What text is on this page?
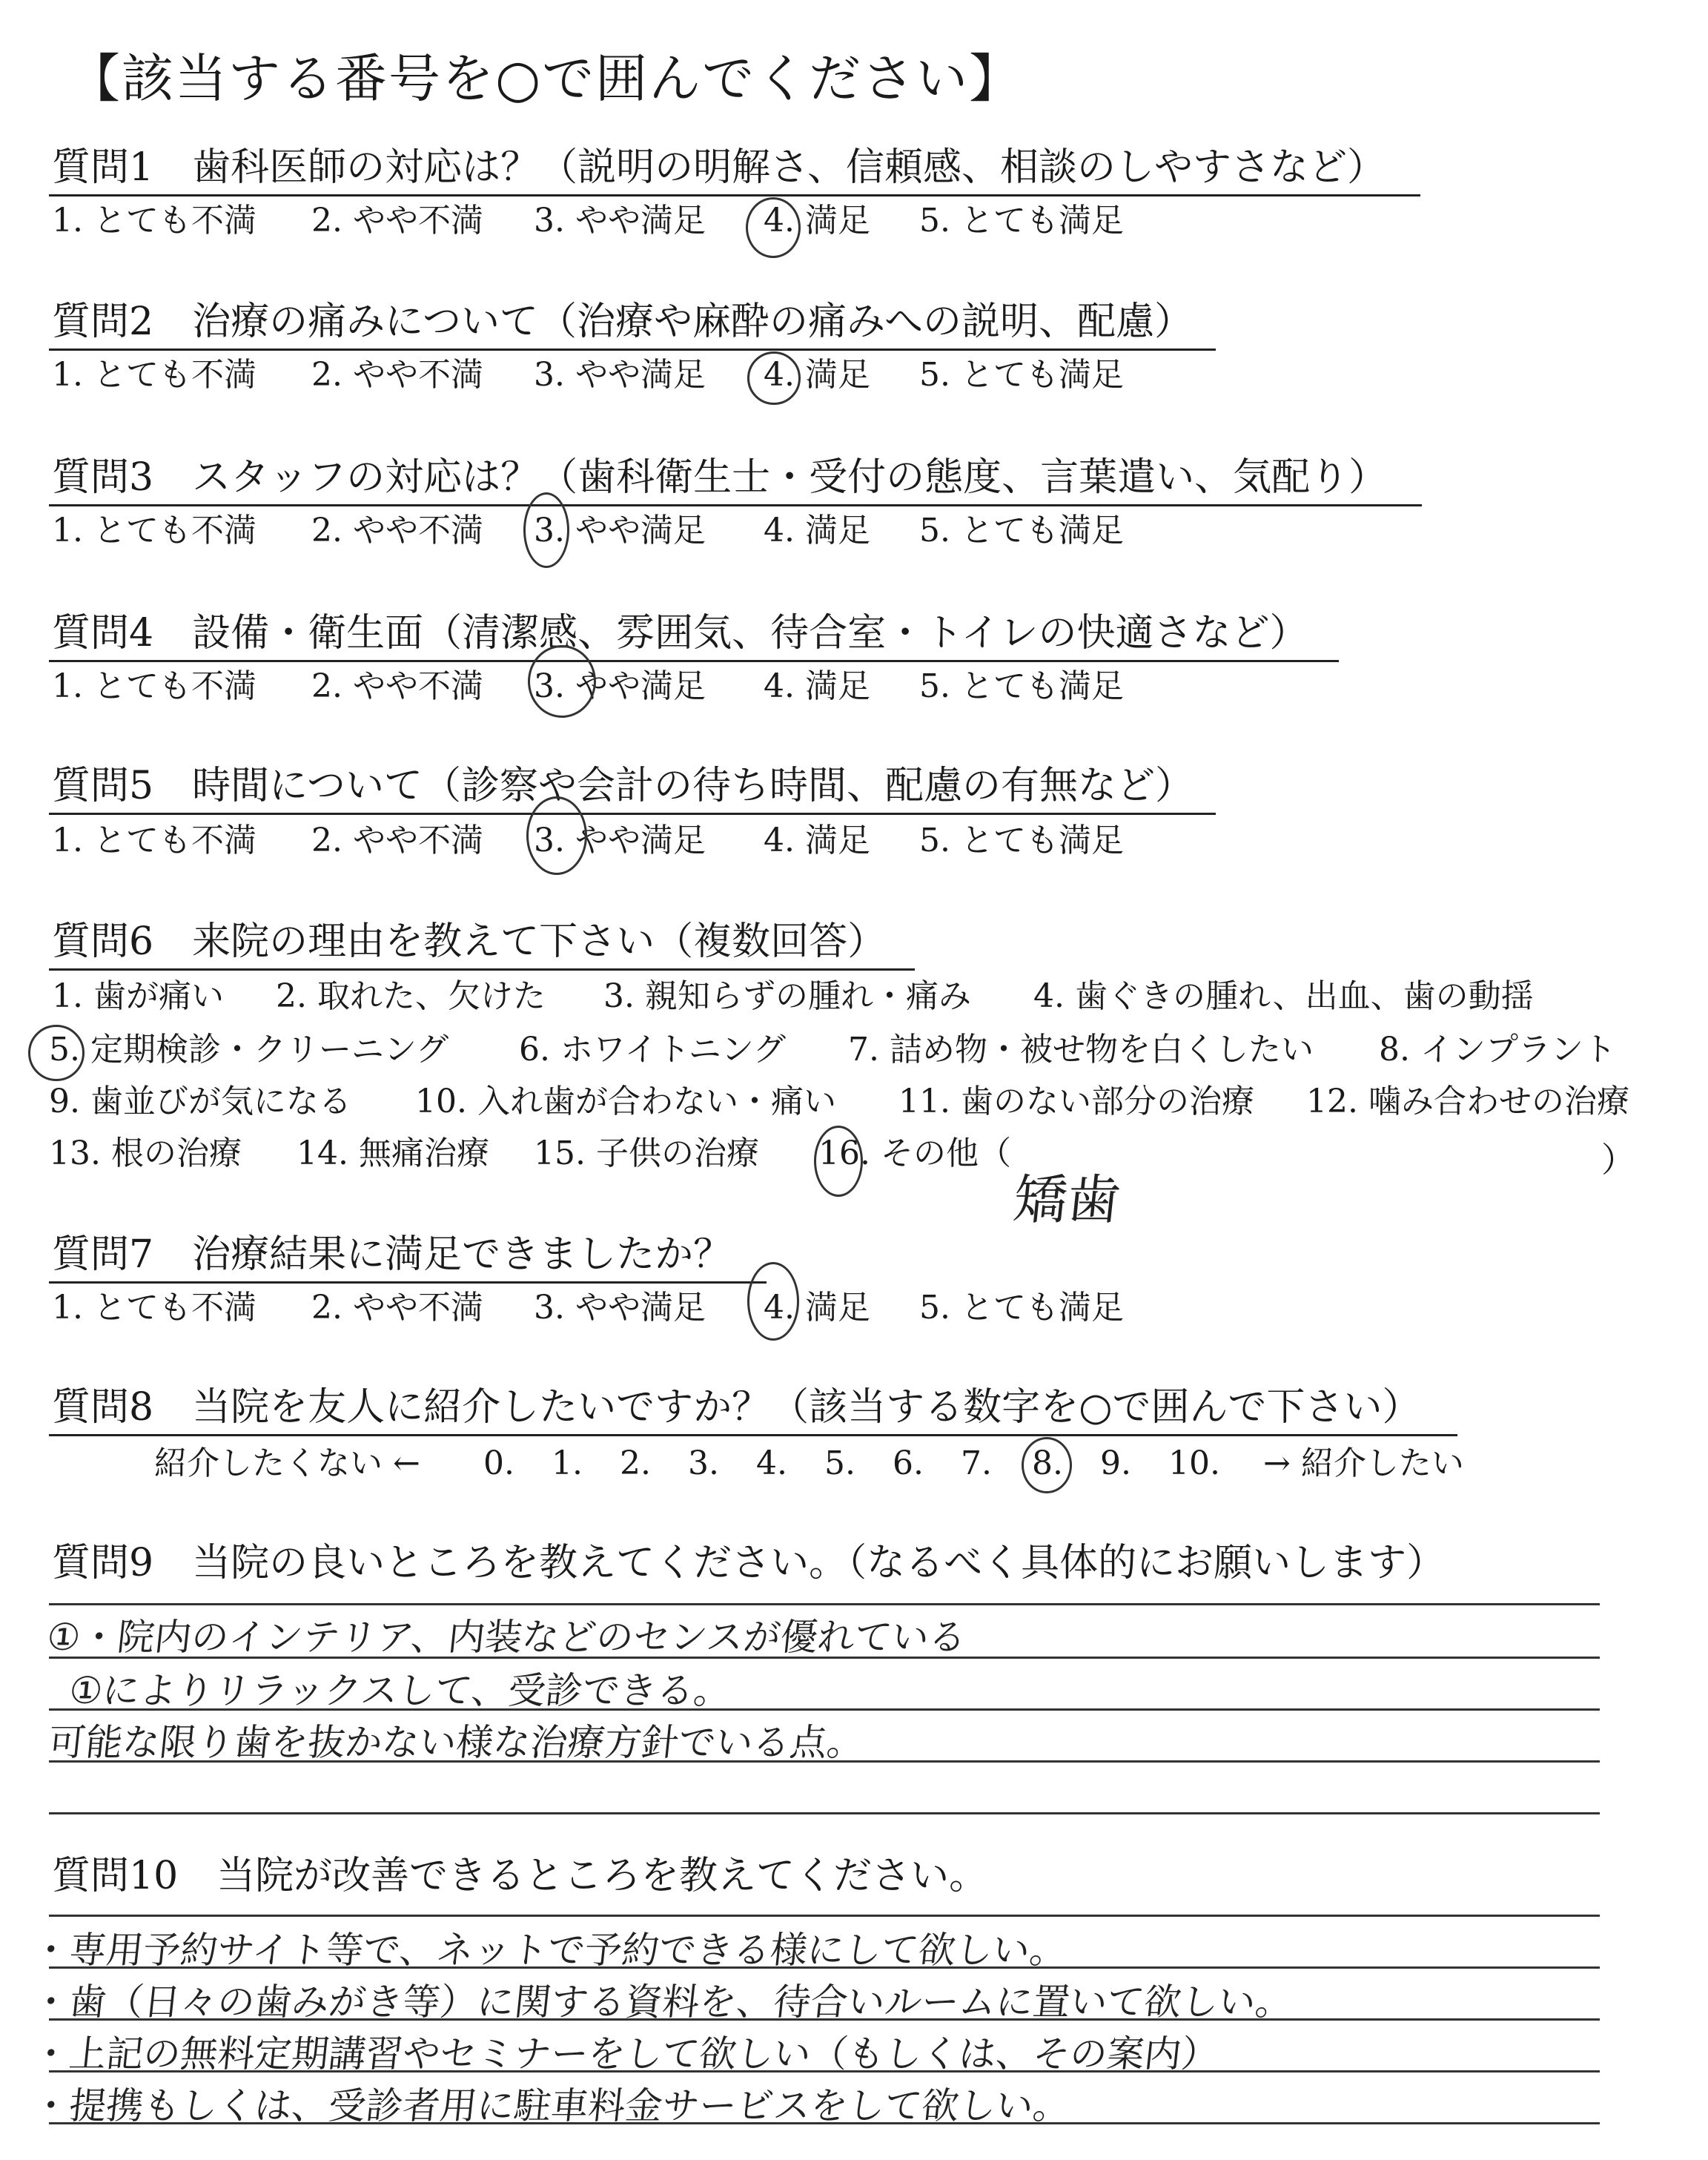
【該当する番号を○で囲んでください】
質問1　歯科医師の対応は？（説明の明解さ、信頼感、相談のしやすさなど）
1. とても不満 2. やや不満 3. やや満足 4. 満足 5. とても満足
質問2　治療の痛みについて（治療や麻酔の痛みへの説明、配慮）
1. とても不満 2. やや不満 3. やや満足 4. 満足 5. とても満足
質問3　スタッフの対応は？（歯科衛生士・受付の態度、言葉遣い、気配り）
1. とても不満 2. やや不満 3. やや満足 4. 満足 5. とても満足
質問4　設備・衛生面（清潔感、雰囲気、待合室・トイレの快適さなど）
1. とても不満 2. やや不満 3. やや満足 4. 満足 5. とても満足
質問5　時間について（診察や会計の待ち時間、配慮の有無など）
1. とても不満 2. やや不満 3. やや満足 4. 満足 5. とても満足
質問6　来院の理由を教えて下さい（複数回答）
1. 歯が痛い 2. 取れた、欠けた 3. 親知らずの腫れ・痛み 4. 歯ぐきの腫れ、出血、歯の動揺
5. 定期検診・クリーニング 6. ホワイトニング 7. 詰め物・被せ物を白くしたい 8. インプラント
9. 歯並びが気になる 10. 入れ歯が合わない・痛い 11. 歯のない部分の治療 12. 噛み合わせの治療
13. 根の治療 14. 無痛治療 15. 子供の治療 16. その他（	）
矯歯
質問7　治療結果に満足できましたか？
1. とても不満 2. やや不満 3. やや満足 4. 満足 5. とても満足
質問8　当院を友人に紹介したいですか？（該当する数字を○で囲んで下さい）
紹介したくない ← 0. 1. 2. 3. 4. 5. 6. 7. 8. 9. 10. → 紹介したい
質問9　当院の良いところを教えてください。（なるべく具体的にお願いします）
①・院内のインテリア、内装などのセンスが優れている
①によりリラックスして、受診できる。
可能な限り歯を抜かない様な治療方針でいる点。
質問10　当院が改善できるところを教えてください。
・専用予約サイト等で、ネットで予約できる様にして欲しい。
・歯（日々の歯みがき等）に関する資料を、待合いルームに置いて欲しい。
・上記の無料定期講習やセミナーをして欲しい（もしくは、その案内）
・提携もしくは、受診者用に駐車料金サービスをして欲しい。
